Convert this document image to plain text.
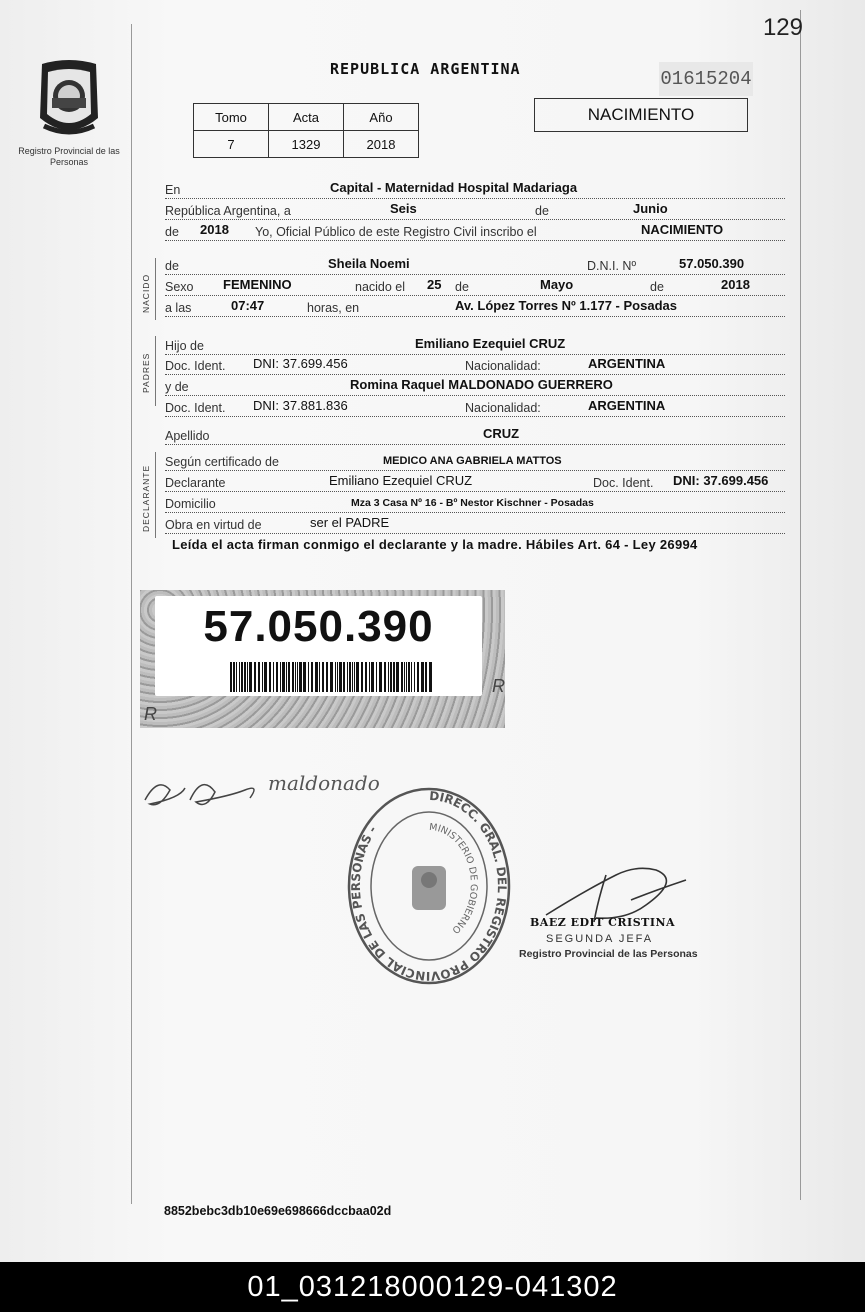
129
Registro Provincial de las Personas
REPUBLICA ARGENTINA	01615204
Tomo	Acta	Año
7	1329	2018
NACIMIENTO
En	Capital - Maternidad Hospital Madariaga
República Argentina, a	Seis	de	Junio
de 2018 Yo, Oficial Público de este Registro Civil inscribo el	NACIMIENTO
NACIDO
de	Sheila Noemi	D.N.I. Nº	57.050.390
Sexo FEMENINO	nacido el 25 de	Mayo	de	2018
a las	07:47	horas, en	Av. López Torres Nº 1.177 - Posadas
PADRES
Hijo de	Emiliano Ezequiel CRUZ
Doc. Ident. DNI: 37.699.456	Nacionalidad:	ARGENTINA
y de	Romina Raquel MALDONADO GUERRERO
Doc. Ident. DNI: 37.881.836	Nacionalidad:	ARGENTINA
Apellido	CRUZ
DECLARANTE
Según certificado de	MEDICO ANA GABRIELA MATTOS
Declarante	Emiliano Ezequiel CRUZ	Doc. Ident. DNI: 37.699.456
Domicilio	Mza 3 Casa Nº 16 - Bº Nestor Kischner - Posadas
Obra en virtud de	ser el PADRE
Leída el acta firman conmigo el declarante y la madre. Hábiles Art. 64 - Ley 26994
57.050.390
R
R
maldonado
DIRECC. GRAL. DEL REGISTRO PROVINCIAL DE LAS PERSONAS -	MINISTERIO DE GOBIERNO	BAEZ EDIT CRISTINA
SEGUNDA JEFA
Registro Provincial de las Personas
8852bebc3db10e69e698666dccbaa02d
01_031218000129-041302
